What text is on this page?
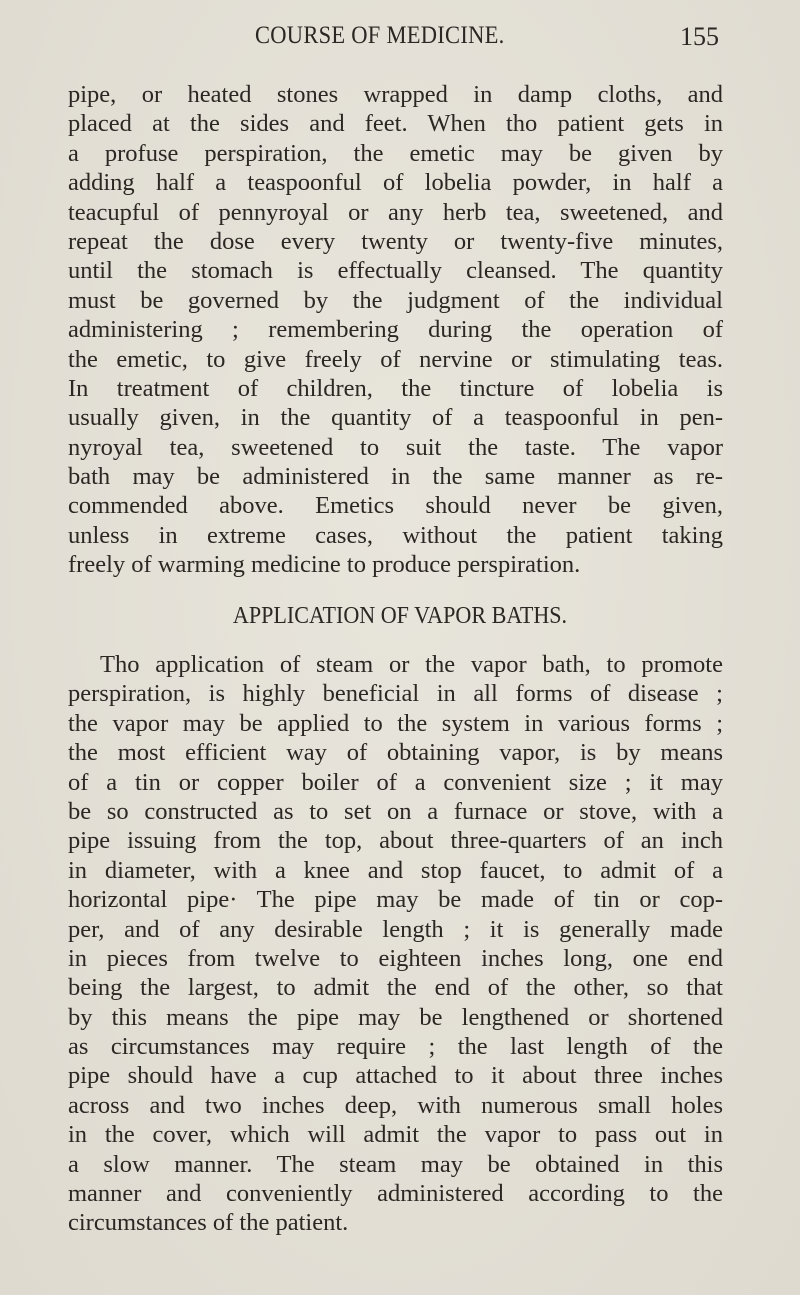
COURSE OF MEDICINE.	155
pipe, or heated stones wrapped in damp cloths, and
placed at the sides and feet. When tho patient gets in
a profuse perspiration, the emetic may be given by
adding half a teaspoonful of lobelia powder, in half a
teacupful of pennyroyal or any herb tea, sweetened, and
repeat the dose every twenty or twenty-five minutes,
until the stomach is effectually cleansed. The quantity
must be governed by the judgment of the individual
administering ; remembering during the operation of
the emetic, to give freely of nervine or stimulating teas.
In treatment of children, the tincture of lobelia is
usually given, in the quantity of a teaspoonful in pen-
nyroyal tea, sweetened to suit the taste. The vapor
bath may be administered in the same manner as re-
commended above. Emetics should never be given,
unless in extreme cases, without the patient taking
freely of warming medicine to produce perspiration.
APPLICATION OF VAPOR BATHS.
Tho application of steam or the vapor bath, to promote
perspiration, is highly beneficial in all forms of disease ;
the vapor may be applied to the system in various forms ;
the most efficient way of obtaining vapor, is by means
of a tin or copper boiler of a convenient size ; it may
be so constructed as to set on a furnace or stove, with a
pipe issuing from the top, about three-quarters of an inch
in diameter, with a knee and stop faucet, to admit of a
horizontal pipe· The pipe may be made of tin or cop-
per, and of any desirable length ; it is generally made
in pieces from twelve to eighteen inches long, one end
being the largest, to admit the end of the other, so that
by this means the pipe may be lengthened or shortened
as circumstances may require ; the last length of the
pipe should have a cup attached to it about three inches
across and two inches deep, with numerous small holes
in the cover, which will admit the vapor to pass out in
a slow manner. The steam may be obtained in this
manner and conveniently administered according to the
circumstances of the patient.
